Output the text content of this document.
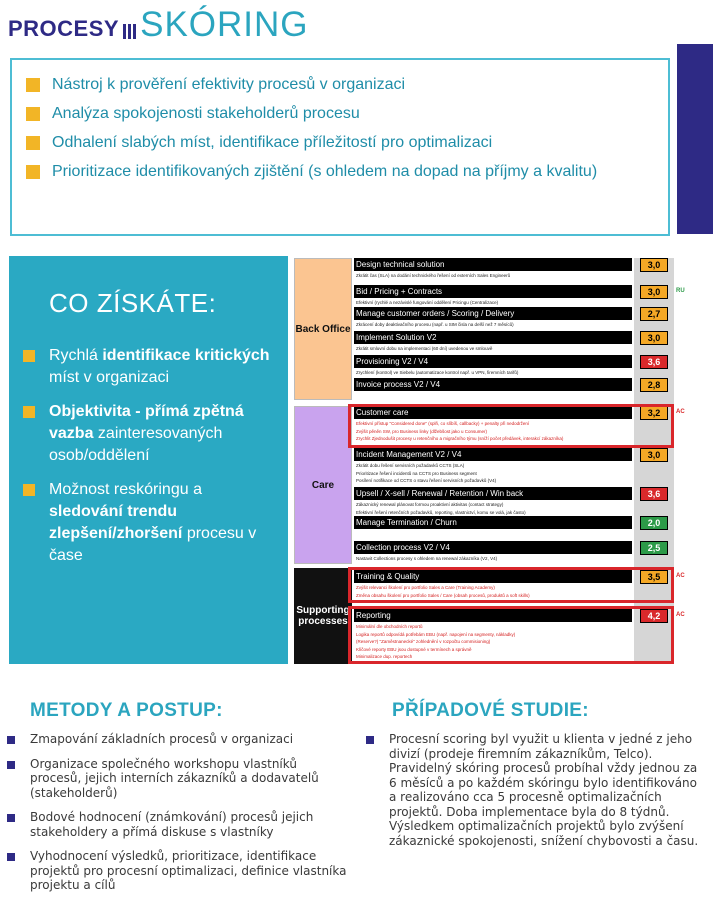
PROCESY SKÓRING
Nástroj k prověření efektivity procesů v organizaci
Analýza spokojenosti stakeholderů procesu
Odhalení slabých míst, identifikace příležitostí pro optimalizaci
Prioritizace identifikovaných zjištění (s ohledem na dopad na příjmy a kvalitu)
CO ZÍSKÁTE:
Rychlá identifikace kritických míst v organizaci
Objektivita - přímá zpětná vazba zainteresovaných osob/oddělení
Možnost reskóringu a sledování trendu zlepšení/zhoršení procesu v čase
Back Office
Care
Supporting processes
Design technical solution	3,0
Zkrátit čas (SLA) na dodání technického řešení od externích Sales Engineerů
Bid / Pricing + Contracts	3,0	RU
Efektivní (rychlé a nezávislé fungování oddělení Pricingu (Centralizace)
Manage customer orders / Scoring / Delivery	2,7
Zkrácení doby deaktivačního procesu (např. u SIM čisla na delší než 7 měsíců)
Implement Solution V2	3,0
Zkrátit smluvní dobu na implementaci (60 dní) uvedenou ve smlouvě
Provisioning V2 / V4	3,6
Zrychlení (kontrol) ve Siebelu (automatizace kontrol např. u VPN, firemních tarifů)
Invoice process V2 / V4	2,8
Customer care	3,2	AC
Efektivní přístup "Considered done" (splň, co slíbíš, callbacky) + penalty při nedodržení
Zvýšit pěněn SW, pro Business linky (dlžebšost jako u Consumer)
Zrychlit Zjednodušit procesy u retenčního a migračního týmu (sníží počet předávek, interakcí zákazníka)
Incident Management V2 / V4	3,0
Zkrátit dobu řešení servisních požadavků CCTS (SLA)
Prioritizace řešení incidentů na CCTS pro Business segment
Posílení notifikace od CCTS o stavu řešení servisních požadavků (V4)
Upsell / X-sell / Renewal / Retention / Win back	3,6
Zákaznický renewal plánovat formou proaktivní aktivitas (contact strategy)
Efektivní řešení retenčních požadavků, reporting, vlastnictví, komu se volá, jak často)
Manage Termination / Churn	2,0
Collection process V2 / V4	2,5
Nastavit Collections procesy s ohledem na renewal zákazníka (V2, V4)
Training & Quality	3,5	AC
Zvýšit relevanci školení pro portfolio Sales a Care (Training Academy)
Změna obsahu školení pro portfolio Sales / Care (obsah procesů, produktů a soft skills)
Reporting	4,2	AC
Minimální dle obchodních reportů
Logika reportů odpovídá potřebám EBU (např. napojení na segmenty, nákladky)
(Reserve?) "Zaměstnanecké" zohlednění v rozpočtu commisioning)
Klíčové reporty EBU jsou dostupné v termínech a správně
Minimalizace dup. reportech
METODY A POSTUP:
Zmapování základních procesů v organizaci
Organizace společného workshopu vlastníků procesů, jejich interních zákazníků a dodavatelů (stakeholderů)
Bodové hodnocení (známkování) procesů jejich stakeholdery a přímá diskuse s vlastníky
Vyhodnocení výsledků, prioritizace, identifikace projektů pro procesní optimalizaci, definice vlastníka projektu a cílů
PŘÍPADOVÉ STUDIE:
Procesní scoring byl využit u klienta v jedné z jeho divizí (prodeje firemním zákazníkům, Telco). Pravidelný skóring procesů probíhal vždy jednou za 6 měsíců a po každém skóringu bylo identifikováno a realizováno cca 5 procesně optimalizačních projektů. Doba implementace byla do 8 týdnů. Výsledkem optimalizačních projektů bylo zvýšení zákaznické spokojenosti, snížení chybovosti a času.
